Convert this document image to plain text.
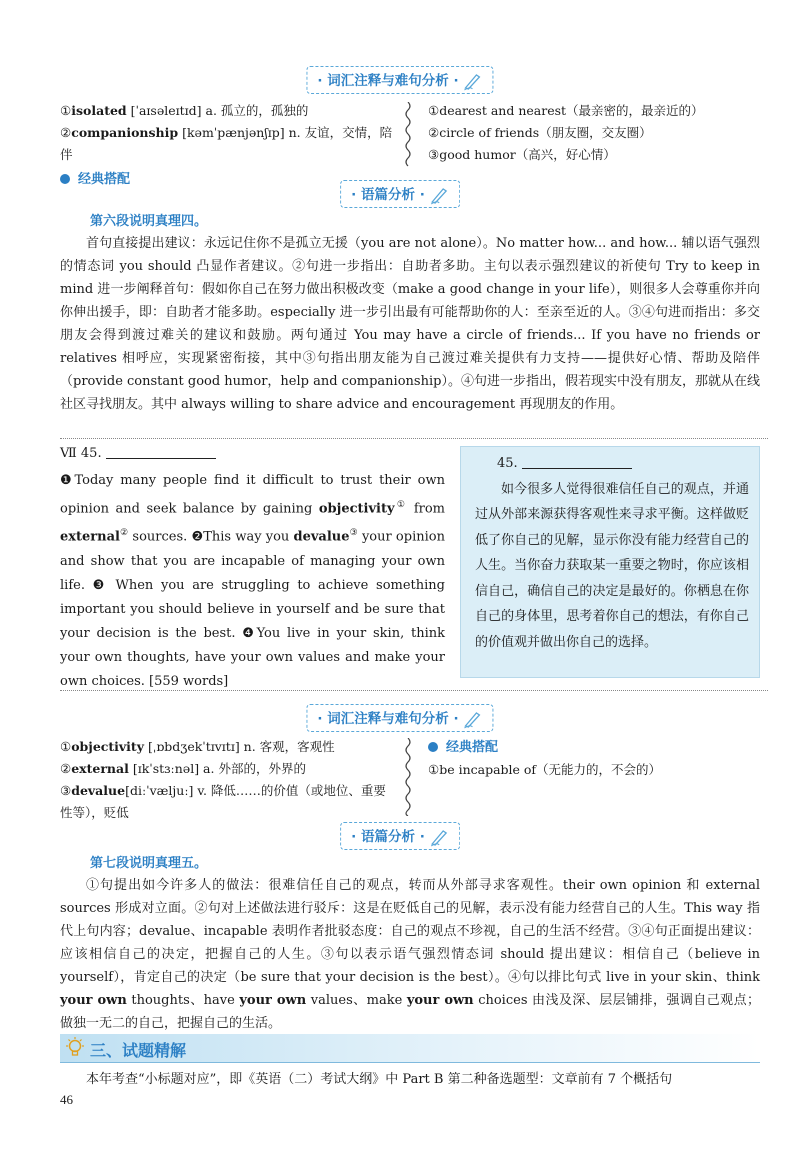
· 词汇注释与难句分析 ·
①isolated [ˈaɪsəleɪtɪd] a. 孤立的，孤独的
②companionship [kəmˈpænjənʃɪp] n. 友谊，交情，陪伴
经典搭配
①dearest and nearest（最亲密的，最亲近的）
②circle of friends（朋友圈，交友圈）
③good humor（高兴，好心情）
· 语篇分析 ·
第六段说明真理四。
首句直接提出建议：永远记住你不是孤立无援（you are not alone）。No matter how... and how... 辅以语气强烈的情态词 you should 凸显作者建议。②句进一步指出：自助者多助。主句以表示强烈建议的祈使句 Try to keep in mind 进一步阐释首句：假如你自己在努力做出积极改变（make a good change in your life），则很多人会尊重你并向你伸出援手，即：自助者才能多助。especially 进一步引出最有可能帮助你的人：至亲至近的人。③④句进而指出：多交朋友会得到渡过难关的建议和鼓励。两句通过 You may have a circle of friends... If you have no friends or relatives 相呼应，实现紧密衔接，其中③句指出朋友能为自己渡过难关提供有力支持——提供好心情、帮助及陪伴（provide constant good humor，help and companionship）。④句进一步指出，假若现实中没有朋友，那就从在线社区寻找朋友。其中 always willing to share advice and encouragement 再现朋友的作用。
Ⅶ 45.
❶Today many people find it difficult to trust their own opinion and seek balance by gaining objectivity① from external② sources. ❷This way you devalue③ your opinion and show that you are incapable of managing your own life. ❸ When you are struggling to achieve something important you should believe in yourself and be sure that your decision is the best. ❹You live in your skin, think your own thoughts, have your own values and make your own choices. [559 words]
45.
如今很多人觉得很难信任自己的观点，并通过从外部来源获得客观性来寻求平衡。这样做贬低了你自己的见解，显示你没有能力经营自己的人生。当你奋力获取某一重要之物时，你应该相信自己，确信自己的决定是最好的。你栖息在你自己的身体里，思考着你自己的想法，有你自己的价值观并做出你自己的选择。
· 词汇注释与难句分析 ·
①objectivity [ˌɒbdʒekˈtɪvɪtɪ] n. 客观，客观性
②external [ɪkˈstɜːnəl] a. 外部的，外界的
③devalue[diːˈvæljuː] v. 降低……的价值（或地位、重要性等），贬低
经典搭配
①be incapable of（无能力的，不会的）
· 语篇分析 ·
第七段说明真理五。
①句提出如今许多人的做法：很难信任自己的观点，转而从外部寻求客观性。their own opinion 和 external sources 形成对立面。②句对上述做法进行驳斥：这是在贬低自己的见解，表示没有能力经营自己的人生。This way 指代上句内容；devalue、incapable 表明作者批驳态度：自己的观点不珍视，自己的生活不经营。③④句正面提出建议：应该相信自己的决定，把握自己的人生。③句以表示语气强烈情态词 should 提出建议：相信自己（believe in yourself），肯定自己的决定（be sure that your decision is the best）。④句以排比句式 live in your skin、think your own thoughts、have your own values、make your own choices 由浅及深、层层铺排，强调自己观点；做独一无二的自己，把握自己的生活。
三、试题精解
本年考查“小标题对应”，即《英语（二）考试大纲》中 Part B 第二种备选题型：文章前有 7 个概括句
46
